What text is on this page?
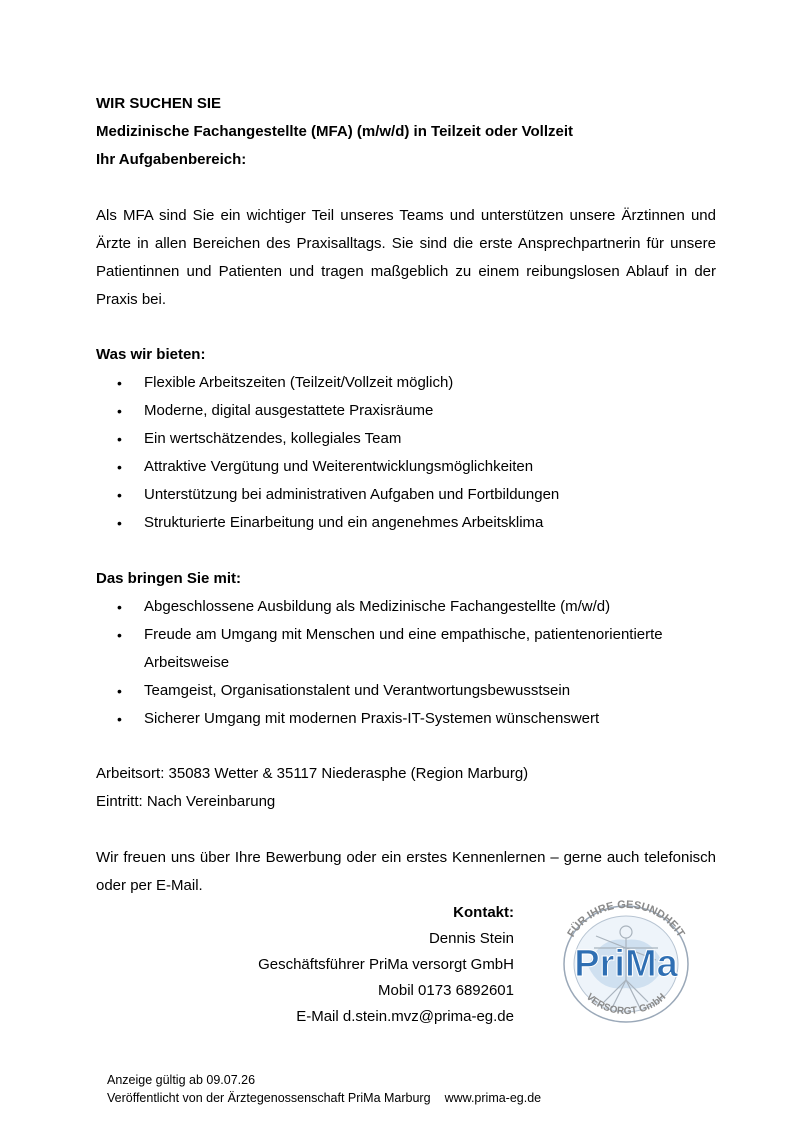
WIR SUCHEN SIE
Medizinische Fachangestellte (MFA) (m/w/d) in Teilzeit oder Vollzeit
Ihr Aufgabenbereich:

Als MFA sind Sie ein wichtiger Teil unseres Teams und unterstützen unsere Ärztinnen und Ärzte in allen Bereichen des Praxisalltags. Sie sind die erste Ansprechpartnerin für unsere Patientinnen und Patienten und tragen maßgeblich zu einem reibungslosen Ablauf in der Praxis bei.

Was wir bieten:
• Flexible Arbeitszeiten (Teilzeit/Vollzeit möglich)
• Moderne, digital ausgestattete Praxisräume
• Ein wertschätzendes, kollegiales Team
• Attraktive Vergütung und Weiterentwicklungsmöglichkeiten
• Unterstützung bei administrativen Aufgaben und Fortbildungen
• Strukturierte Einarbeitung und ein angenehmes Arbeitsklima
Das bringen Sie mit:
• Abgeschlossene Ausbildung als Medizinische Fachangestellte (m/w/d)
• Freude am Umgang mit Menschen und eine empathische, patientenorientierte Arbeitsweise
• Teamgeist, Organisationstalent und Verantwortungsbewusstsein
• Sicherer Umgang mit modernen Praxis-IT-Systemen wünschenswert
Arbeitsort: 35083 Wetter & 35117 Niederasphe (Region Marburg)
Eintritt: Nach Vereinbarung

Wir freuen uns über Ihre Bewerbung oder ein erstes Kennenlernen – gerne auch telefonisch oder per E-Mail.

Kontakt:
Dennis Stein
Geschäftsführer PriMa versorgt GmbH
Mobil 0173 6892601
E-Mail d.stein.mvz@prima-eg.de
FÜR IHRE GESUNDHEIT
PriMa
VERSORGT GmbH
Anzeige gültig ab 09.07.26
Veröffentlicht von der Ärztegenossenschaft PriMa Marburg www.prima-eg.de
